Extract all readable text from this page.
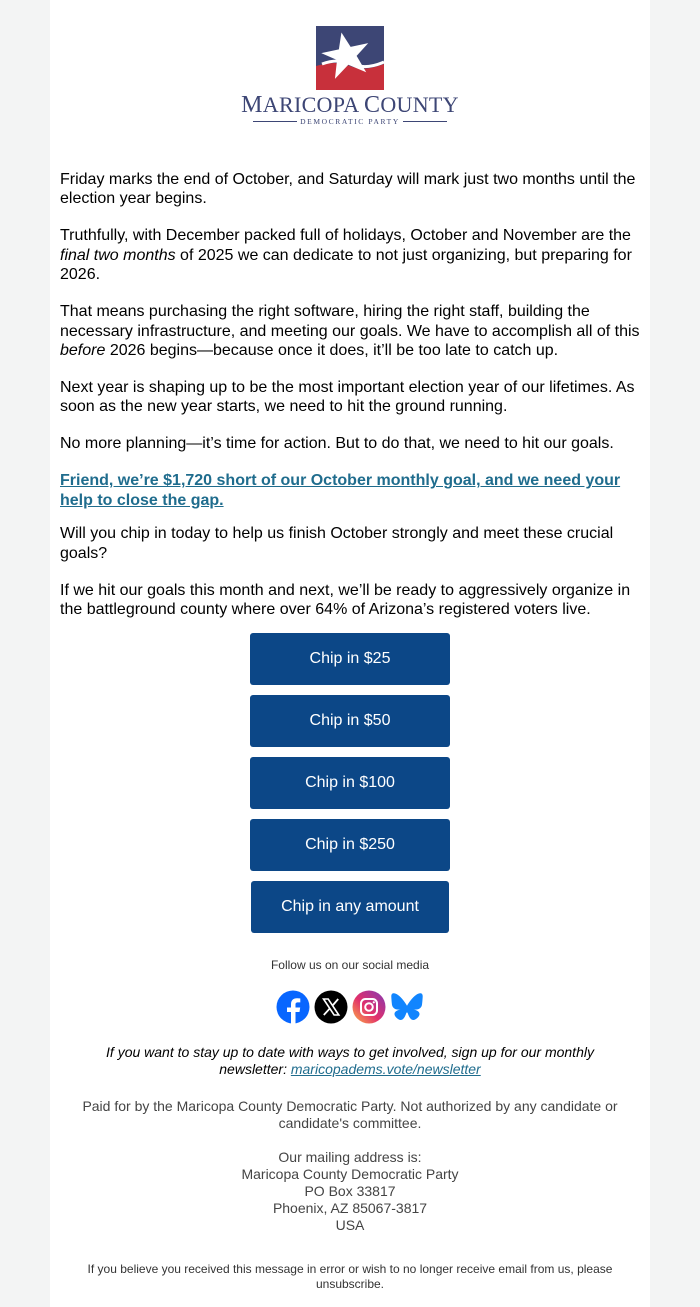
MARICOPA COUNTY
DEMOCRATIC PARTY

Friday marks the end of October, and Saturday will mark just two months until the election year begins.

Truthfully, with December packed full of holidays, October and November are the final two months of 2025 we can dedicate to not just organizing, but preparing for 2026.

That means purchasing the right software, hiring the right staff, building the necessary infrastructure, and meeting our goals. We have to accomplish all of this before 2026 begins—because once it does, it’ll be too late to catch up.

Next year is shaping up to be the most important election year of our lifetimes. As soon as the new year starts, we need to hit the ground running.

No more planning—it’s time for action. But to do that, we need to hit our goals.

Friend, we’re $1,720 short of our October monthly goal, and we need your help to close the gap.

Will you chip in today to help us finish October strongly and meet these crucial goals?

If we hit our goals this month and next, we’ll be ready to aggressively organize in the battleground county where over 64% of Arizona’s registered voters live.

Chip in $25
Chip in $50
Chip in $100
Chip in $250
Chip in any amount
Follow us on our social media
If you want to stay up to date with ways to get involved, sign up for our monthly newsletter: maricopadems.vote/newsletter

Paid for by the Maricopa County Democratic Party. Not authorized by any candidate or candidate's committee.

Our mailing address is:

Maricopa County Democratic Party

PO Box 33817

Phoenix, AZ 85067-3817

USA

If you believe you received this message in error or wish to no longer receive email from us, please unsubscribe.
